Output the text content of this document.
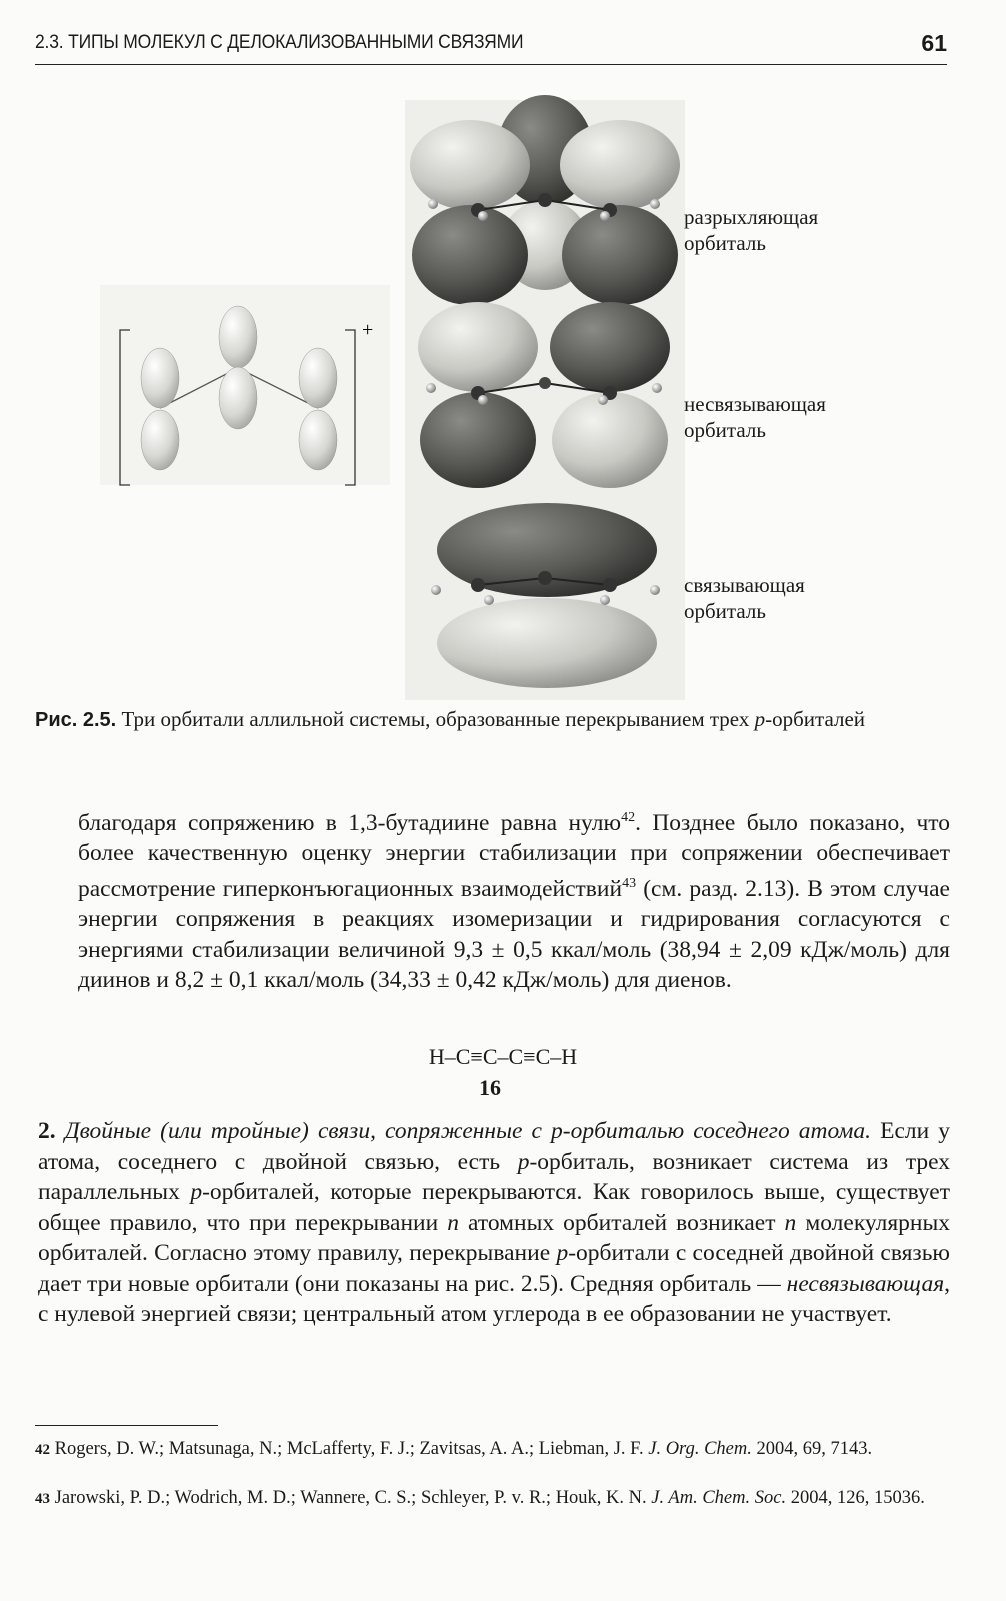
2.3. ТИПЫ МОЛЕКУЛ С ДЕЛОКАЛИЗОВАННЫМИ СВЯЗЯМИ	61
+
разрыхляющая
орбиталь
несвязывающая
орбиталь
связывающая
орбиталь
Рис. 2.5. Три орбитали аллильной системы, образованные перекрыванием трех p-орбиталей
благодаря сопряжению в 1,3-бутадиине равна нулю$^{42}$. Позднее было показано, что более качественную оценку энергии стабилизации при сопряжении обеспечивает рассмотрение гиперконъюгационных взаимодействий$^{43}$ (см. разд. 2.13). В этом случае энергии сопряжения в реакциях изомеризации и гидрирования согласуются с энергиями стабилизации величиной 9,3 ± 0,5 ккал/моль (38,94 ± 2,09 кДж/моль) для диинов и 8,2 ± 0,1 ккал/моль (34,33 ± 0,42 кДж/моль) для диенов.
H–C≡C–C≡C–H
16
2. Двойные (или тройные) связи, сопряженные с p-орбиталью соседнего атома. Если у атома, соседнего с двойной связью, есть p-орбиталь, возникает система из трех параллельных p-орбиталей, которые перекрываются. Как говорилось выше, существует общее правило, что при перекрывании n атомных орбиталей возникает n молекулярных орбиталей. Согласно этому правилу, перекрывание p-орбитали с соседней двойной связью дает три новые орбитали (они показаны на рис. 2.5). Средняя орбиталь — несвязывающая, с нулевой энергией связи; центральный атом углерода в ее образовании не участвует.
42 Rogers, D. W.; Matsunaga, N.; McLafferty, F. J.; Zavitsas, A. A.; Liebman, J. F. J. Org. Chem. 2004, 69, 7143.
43 Jarowski, P. D.; Wodrich, M. D.; Wannere, C. S.; Schleyer, P. v. R.; Houk, K. N. J. Am. Chem. Soc. 2004, 126, 15036.
